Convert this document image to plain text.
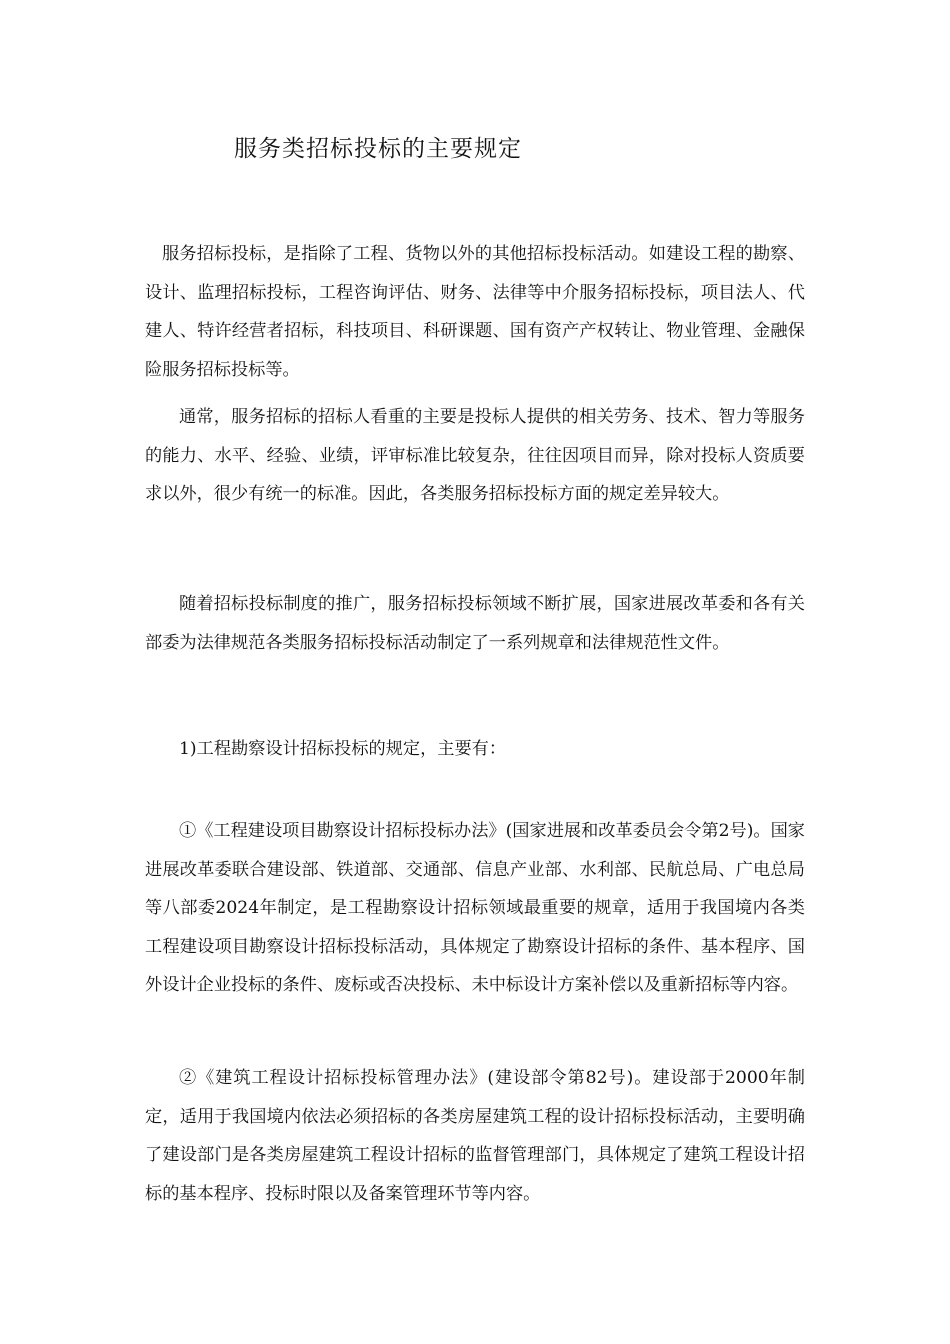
服务类招标投标的主要规定

服务招标投标，是指除了工程、货物以外的其他招标投标活动。如建设工程的勘察、设计、监理招标投标，工程咨询评估、财务、法律等中介服务招标投标，项目法人、代建人、特许经营者招标，科技项目、科研课题、国有资产产权转让、物业管理、金融保险服务招标投标等。

通常，服务招标的招标人看重的主要是投标人提供的相关劳务、技术、智力等服务的能力、水平、经验、业绩，评审标准比较复杂，往往因项目而异，除对投标人资质要求以外，很少有统一的标准。因此，各类服务招标投标方面的规定差异较大。

随着招标投标制度的推广，服务招标投标领域不断扩展，国家进展改革委和各有关部委为法律规范各类服务招标投标活动制定了一系列规章和法律规范性文件。

1)工程勘察设计招标投标的规定，主要有：

①《工程建设项目勘察设计招标投标办法》(国家进展和改革委员会令第2号)。国家进展改革委联合建设部、铁道部、交通部、信息产业部、水利部、民航总局、广电总局等八部委2024年制定，是工程勘察设计招标领域最重要的规章，适用于我国境内各类工程建设项目勘察设计招标投标活动，具体规定了勘察设计招标的条件、基本程序、国外设计企业投标的条件、废标或否决投标、未中标设计方案补偿以及重新招标等内容。

②《建筑工程设计招标投标管理办法》(建设部令第82号)。建设部于2000年制定，适用于我国境内依法必须招标的各类房屋建筑工程的设计招标投标活动，主要明确了建设部门是各类房屋建筑工程设计招标的监督管理部门，具体规定了建筑工程设计招标的基本程序、投标时限以及备案管理环节等内容。
